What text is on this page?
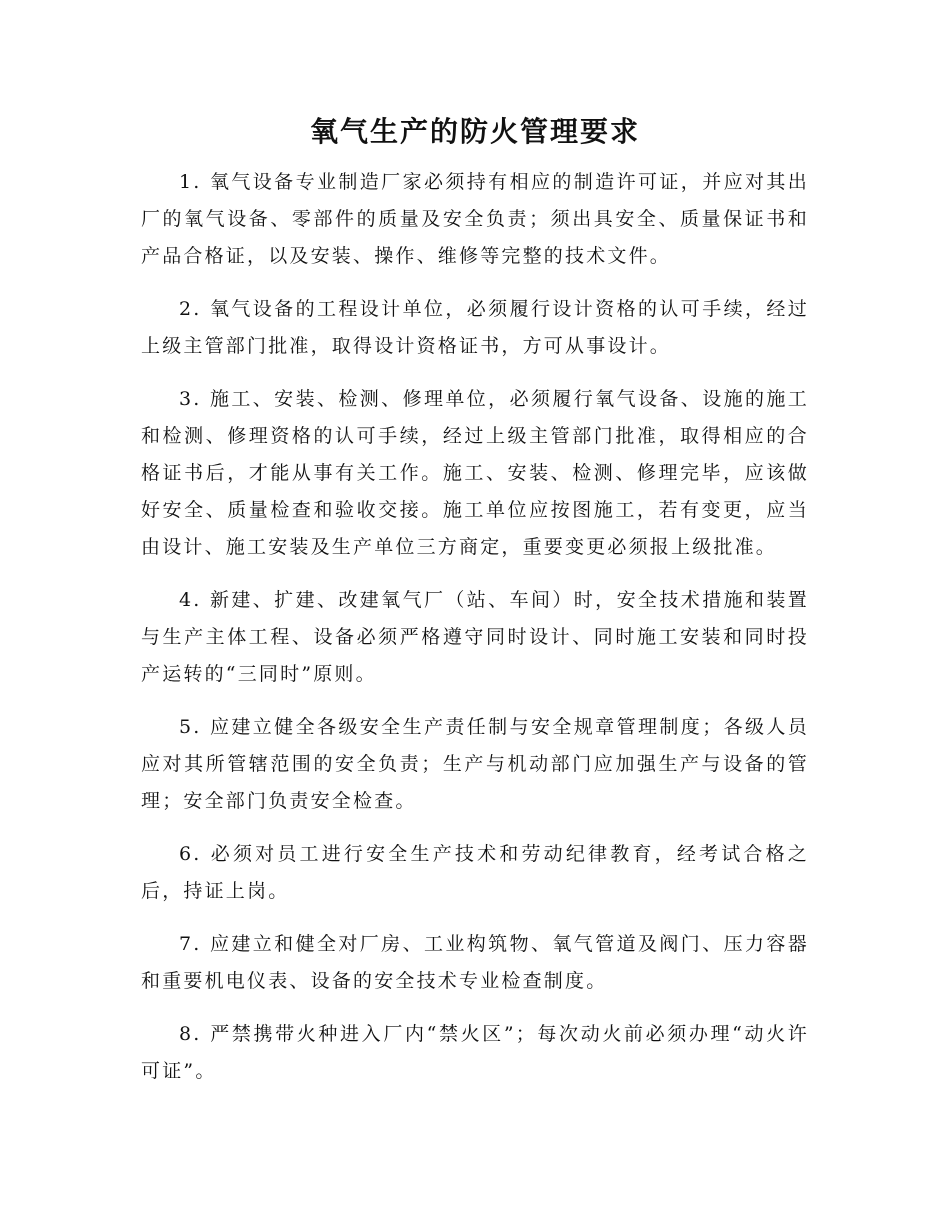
氧气生产的防火管理要求

1. 氧气设备专业制造厂家必须持有相应的制造许可证，并应对其出厂的氧气设备、零部件的质量及安全负责；须出具安全、质量保证书和产品合格证，以及安装、操作、维修等完整的技术文件。

2. 氧气设备的工程设计单位，必须履行设计资格的认可手续，经过上级主管部门批准，取得设计资格证书，方可从事设计。

3. 施工、安装、检测、修理单位，必须履行氧气设备、设施的施工和检测、修理资格的认可手续，经过上级主管部门批准，取得相应的合格证书后，才能从事有关工作。施工、安装、检测、修理完毕，应该做好安全、质量检查和验收交接。施工单位应按图施工，若有变更，应当由设计、施工安装及生产单位三方商定，重要变更必须报上级批准。

4. 新建、扩建、改建氧气厂（站、车间）时，安全技术措施和装置与生产主体工程、设备必须严格遵守同时设计、同时施工安装和同时投产运转的“三同时”原则。

5. 应建立健全各级安全生产责任制与安全规章管理制度；各级人员应对其所管辖范围的安全负责；生产与机动部门应加强生产与设备的管理；安全部门负责安全检查。

6. 必须对员工进行安全生产技术和劳动纪律教育，经考试合格之后，持证上岗。

7. 应建立和健全对厂房、工业构筑物、氧气管道及阀门、压力容器和重要机电仪表、设备的安全技术专业检查制度。

8. 严禁携带火种进入厂内“禁火区”；每次动火前必须办理“动火许可证”。
